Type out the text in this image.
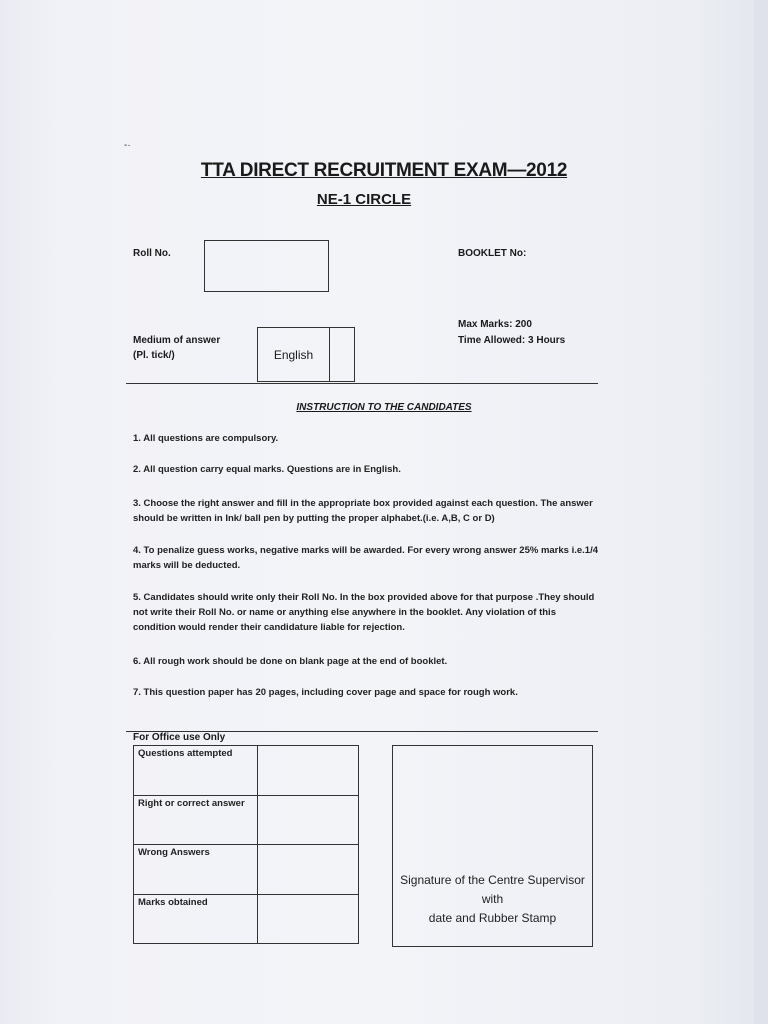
-·
TTA DIRECT RECRUITMENT EXAM—2012
NE-1 CIRCLE
Roll No.	BOOKLET No:
Medium of answer
(Pl. tick/)	English
Max Marks: 200
Time Allowed: 3 Hours
INSTRUCTION TO THE CANDIDATES
1. All questions are compulsory.
2. All question carry equal marks. Questions are in English.
3. Choose the right answer and fill in the appropriate box provided against each question. The answer should be written in Ink/ ball pen by putting the proper alphabet.(i.e. A,B, C or D)
4. To penalize guess works, negative marks will be awarded. For every wrong answer 25% marks i.e.1/4 marks will be deducted.
5. Candidates should write only their Roll No. In the box provided above for that purpose .They should not write their Roll No. or name or anything else anywhere in the booklet. Any violation of this condition would render their candidature liable for rejection.
6. All rough work should be done on blank page at the end of booklet.
7. This question paper has 20 pages, including cover page and space for rough work.
For Office use Only
Questions attempted	
Right or correct answer	
Wrong Answers	
Marks obtained	
Signature of the Centre Supervisor with
date and Rubber Stamp
